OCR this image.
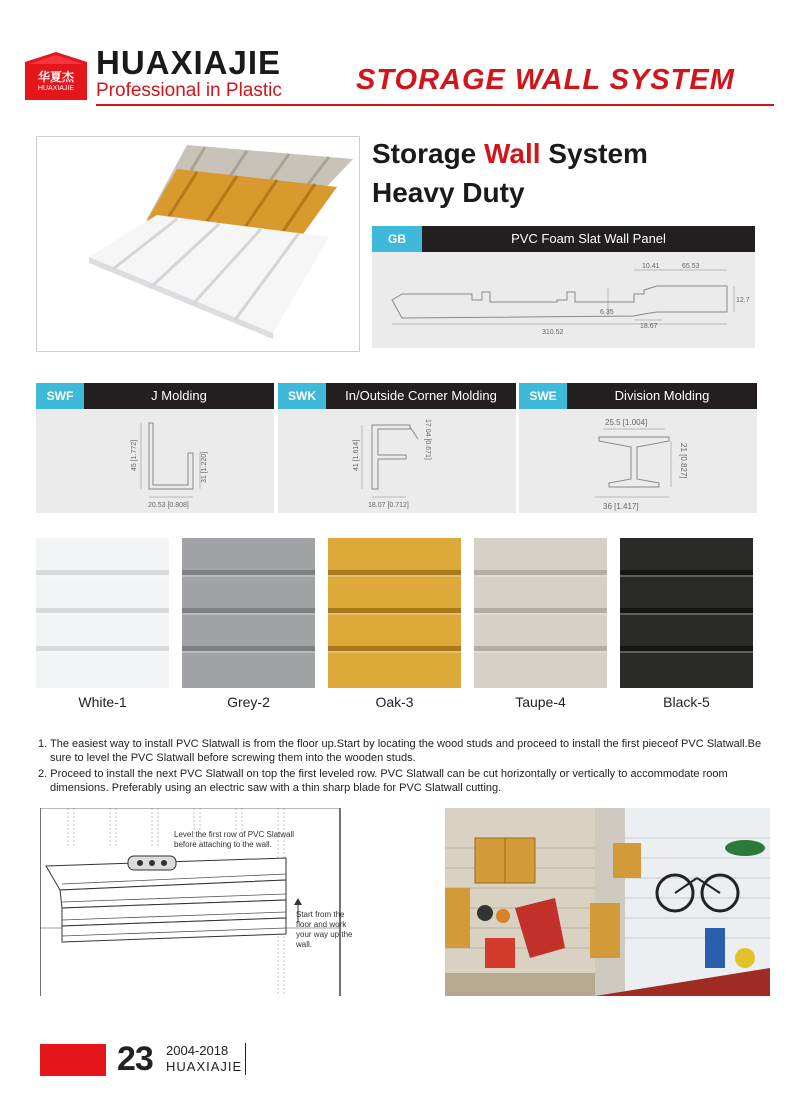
华夏杰
HUAXIAJIE
HUAXIAJIE
Professional in Plastic	STORAGE WALL SYSTEM
Storage Wall System
Heavy Duty
GB	PVC Foam Slat Wall Panel
10.41	65.53
12.7
6.35
18.67
310.52
SWF	J Molding
45 [1.772]	31 [1.220]
20.53 [0.808]
SWK	In/Outside Corner Molding
41 [1.614]	17.04 [0.671]
18.07 [0.712]
SWE	Division Molding
25.5 [1.004]
21 [0.827]
36 [1.417]
White-1	Grey-2	Oak-3	Taupe-4	Black-5

1. The easiest way to install PVC Slatwall is from the floor up.Start by locating the wood studs and proceed to install the first pieceof PVC Slatwall.Be sure to level the PVC Slatwall before screwing them into the wooden studs.

2. Proceed to install the next PVC Slatwall on top the first leveled row. PVC Slatwall can be cut horizontally or vertically to accommodate room dimensions. Preferably using an electric saw with a thin sharp blade for PVC Slatwall cutting.

Level the first row of PVC Slatwall before attaching to the wall.
Start from the floor and work your way up the wall.
23 2004-2018
HUAXIAJIE
